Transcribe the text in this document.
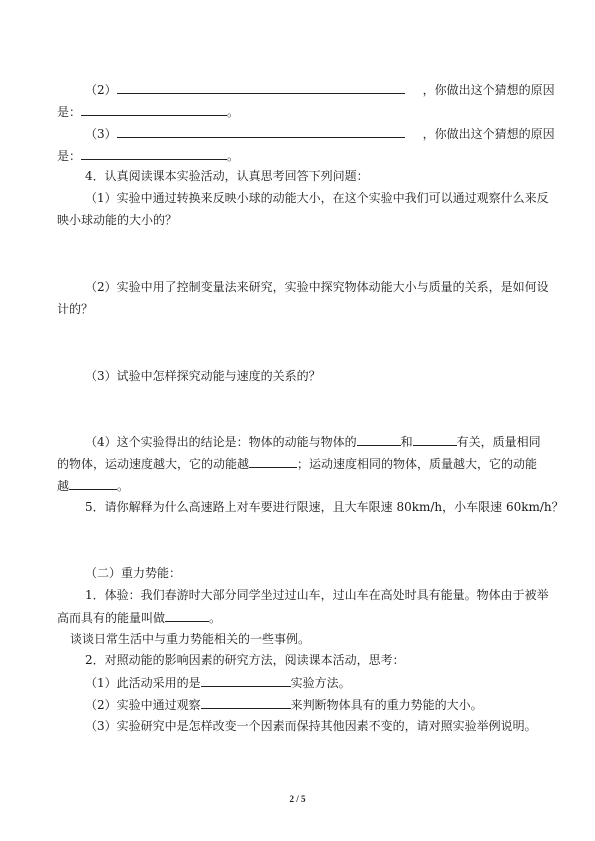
（2）	，你做出这个猜想的原因
是：	。
（3）	，你做出这个猜想的原因
是：	。
4．认真阅读课本实验活动，认真思考回答下列问题：
（1）实验中通过转换来反映小球的动能大小，在这个实验中我们可以通过观察什么来反
映小球动能的大小的？
（2）实验中用了控制变量法来研究，实验中探究物体动能大小与质量的关系，是如何设
计的？
（3）试验中怎样探究动能与速度的关系的？
（4）这个实验得出的结论是：物体的动能与物体的	和	有关，质量相同
的物体，运动速度越大，它的动能越	；运动速度相同的物体，质量越大，它的动能
越	。
5．请你解释为什么高速路上对车要进行限速，且大车限速 80km/h，小车限速 60km/h？
（二）重力势能：
1．体验：我们春游时大部分同学坐过过山车，过山车在高处时具有能量。物体由于被举
高而具有的能量叫做	。
谈谈日常生活中与重力势能相关的一些事例。
2．对照动能的影响因素的研究方法，阅读课本活动，思考：
（1）此活动采用的是	实验方法。
（2）实验中通过观察	来判断物体具有的重力势能的大小。
（3）实验研究中是怎样改变一个因素而保持其他因素不变的，请对照实验举例说明。
2 / 5
